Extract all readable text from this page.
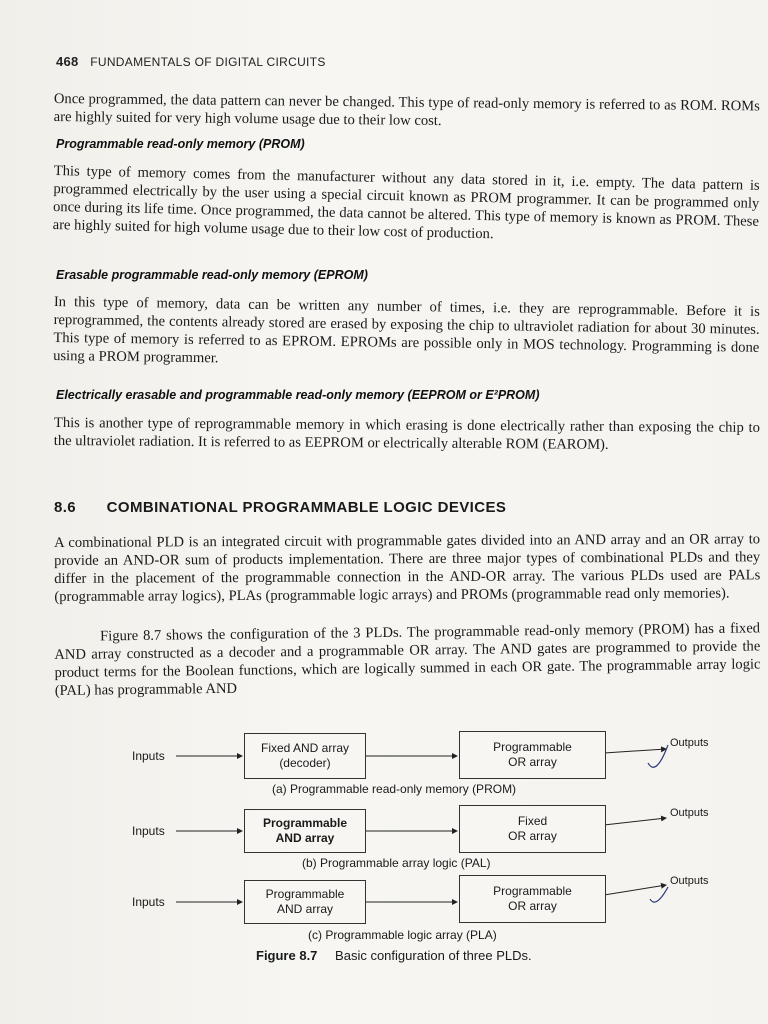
468 FUNDAMENTALS OF DIGITAL CIRCUITS
Once programmed, the data pattern can never be changed. This type of read-only memory is referred to as ROM. ROMs are highly suited for very high volume usage due to their low cost.
Programmable read-only memory (PROM)
This type of memory comes from the manufacturer without any data stored in it, i.e. empty. The data pattern is programmed electrically by the user using a special circuit known as PROM programmer. It can be programmed only once during its life time. Once programmed, the data cannot be altered. This type of memory is known as PROM. These are highly suited for high volume usage due to their low cost of production.
Erasable programmable read-only memory (EPROM)
In this type of memory, data can be written any number of times, i.e. they are reprogrammable. Before it is reprogrammed, the contents already stored are erased by exposing the chip to ultraviolet radiation for about 30 minutes. This type of memory is referred to as EPROM. EPROMs are possible only in MOS technology. Programming is done using a PROM programmer.
Electrically erasable and programmable read-only memory (EEPROM or E²PROM)
This is another type of reprogrammable memory in which erasing is done electrically rather than exposing the chip to the ultraviolet radiation. It is referred to as EEPROM or electrically alterable ROM (EAROM).
8.6 COMBINATIONAL PROGRAMMABLE LOGIC DEVICES
A combinational PLD is an integrated circuit with programmable gates divided into an AND array and an OR array to provide an AND-OR sum of products implementation. There are three major types of combinational PLDs and they differ in the placement of the programmable connection in the AND-OR array. The various PLDs used are PALs (programmable array logics), PLAs (programmable logic arrays) and PROMs (programmable read only memories).
Figure 8.7 shows the configuration of the 3 PLDs. The programmable read-only memory (PROM) has a fixed AND array constructed as a decoder and a programmable OR array. The AND gates are programmed to provide the product terms for the Boolean functions, which are logically summed in each OR gate. The programmable array logic (PAL) has programmable AND
Inputs
Fixed AND array
(decoder)
Programmable
OR array
Outputs
(a) Programmable read-only memory (PROM)
Inputs
Programmable
AND array
Fixed
OR array
Outputs
(b) Programmable array logic (PAL)
Inputs
Programmable
AND array
Programmable
OR array
Outputs
(c) Programmable logic array (PLA)
Figure 8.7 Basic configuration of three PLDs.
